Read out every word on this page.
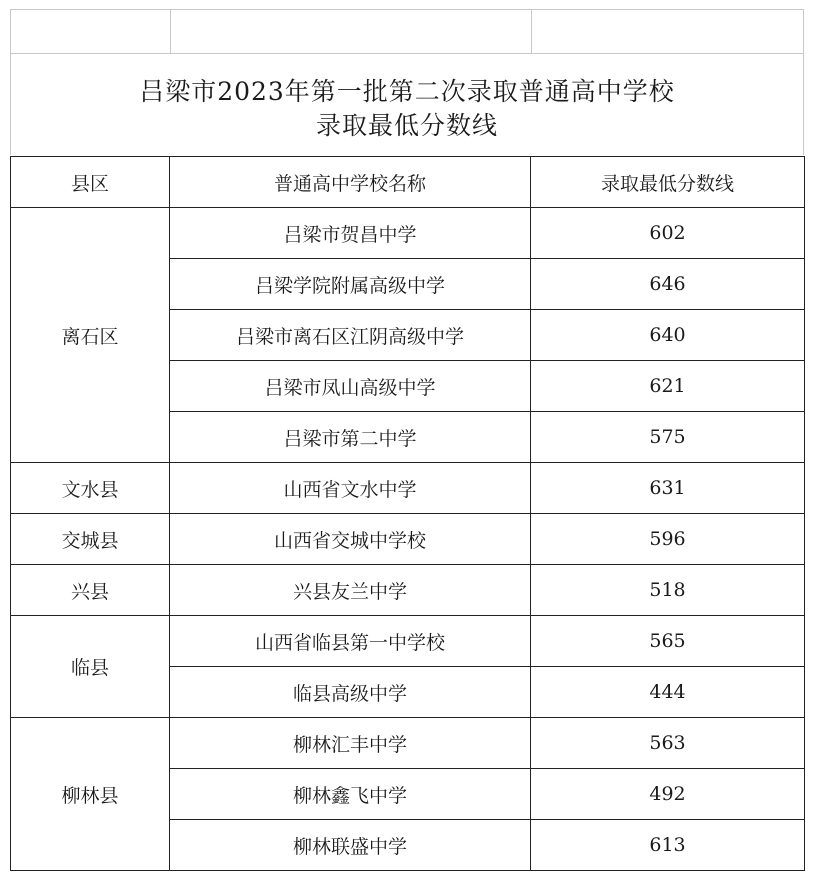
吕梁市2023年第一批第二次录取普通高中学校
录取最低分数线
县区	普通高中学校名称	录取最低分数线
离石区	吕梁市贺昌中学	602
	吕梁学院附属高级中学	646
	吕梁市离石区江阴高级中学	640
	吕梁市凤山高级中学	621
	吕梁市第二中学	575
文水县	山西省文水中学	631
交城县	山西省交城中学校	596
兴县	兴县友兰中学	518
临县	山西省临县第一中学校	565
	临县高级中学	444
柳林县	柳林汇丰中学	563
	柳林鑫飞中学	492
	柳林联盛中学	613
